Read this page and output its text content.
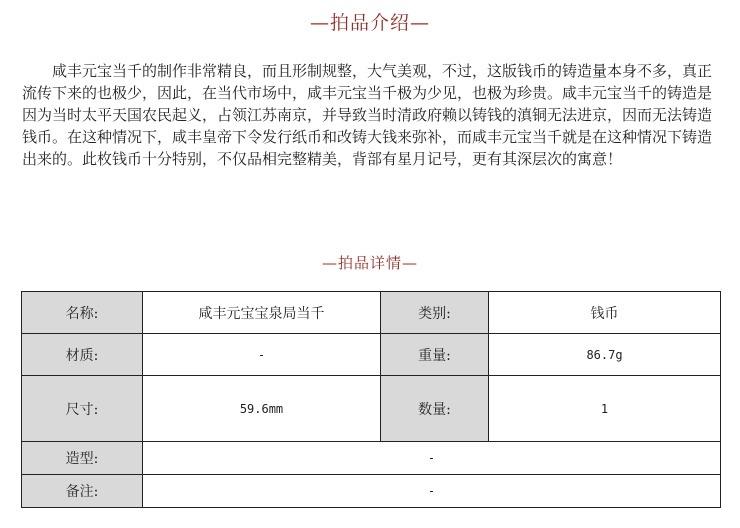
—拍品介绍—

咸丰元宝当千的制作非常精良，而且形制规整，大气美观，不过，这版钱币的铸造量本身不多，真正流传下来的也极少，因此，在当代市场中，咸丰元宝当千极为少见，也极为珍贵。咸丰元宝当千的铸造是因为当时太平天国农民起义，占领江苏南京，并导致当时清政府赖以铸钱的滇铜无法进京，因而无法铸造钱币。在这种情况下，咸丰皇帝下令发行纸币和改铸大钱来弥补，而咸丰元宝当千就是在这种情况下铸造出来的。此枚钱币十分特别，不仅品相完整精美，背部有星月记号，更有其深层次的寓意！

—拍品详情—
名称:	咸丰元宝宝泉局当千	类别:	钱币
材质:	-	重量:	86.7g
尺寸:	59.6mm	数量:	1
造型:	-		
备注:	-		
